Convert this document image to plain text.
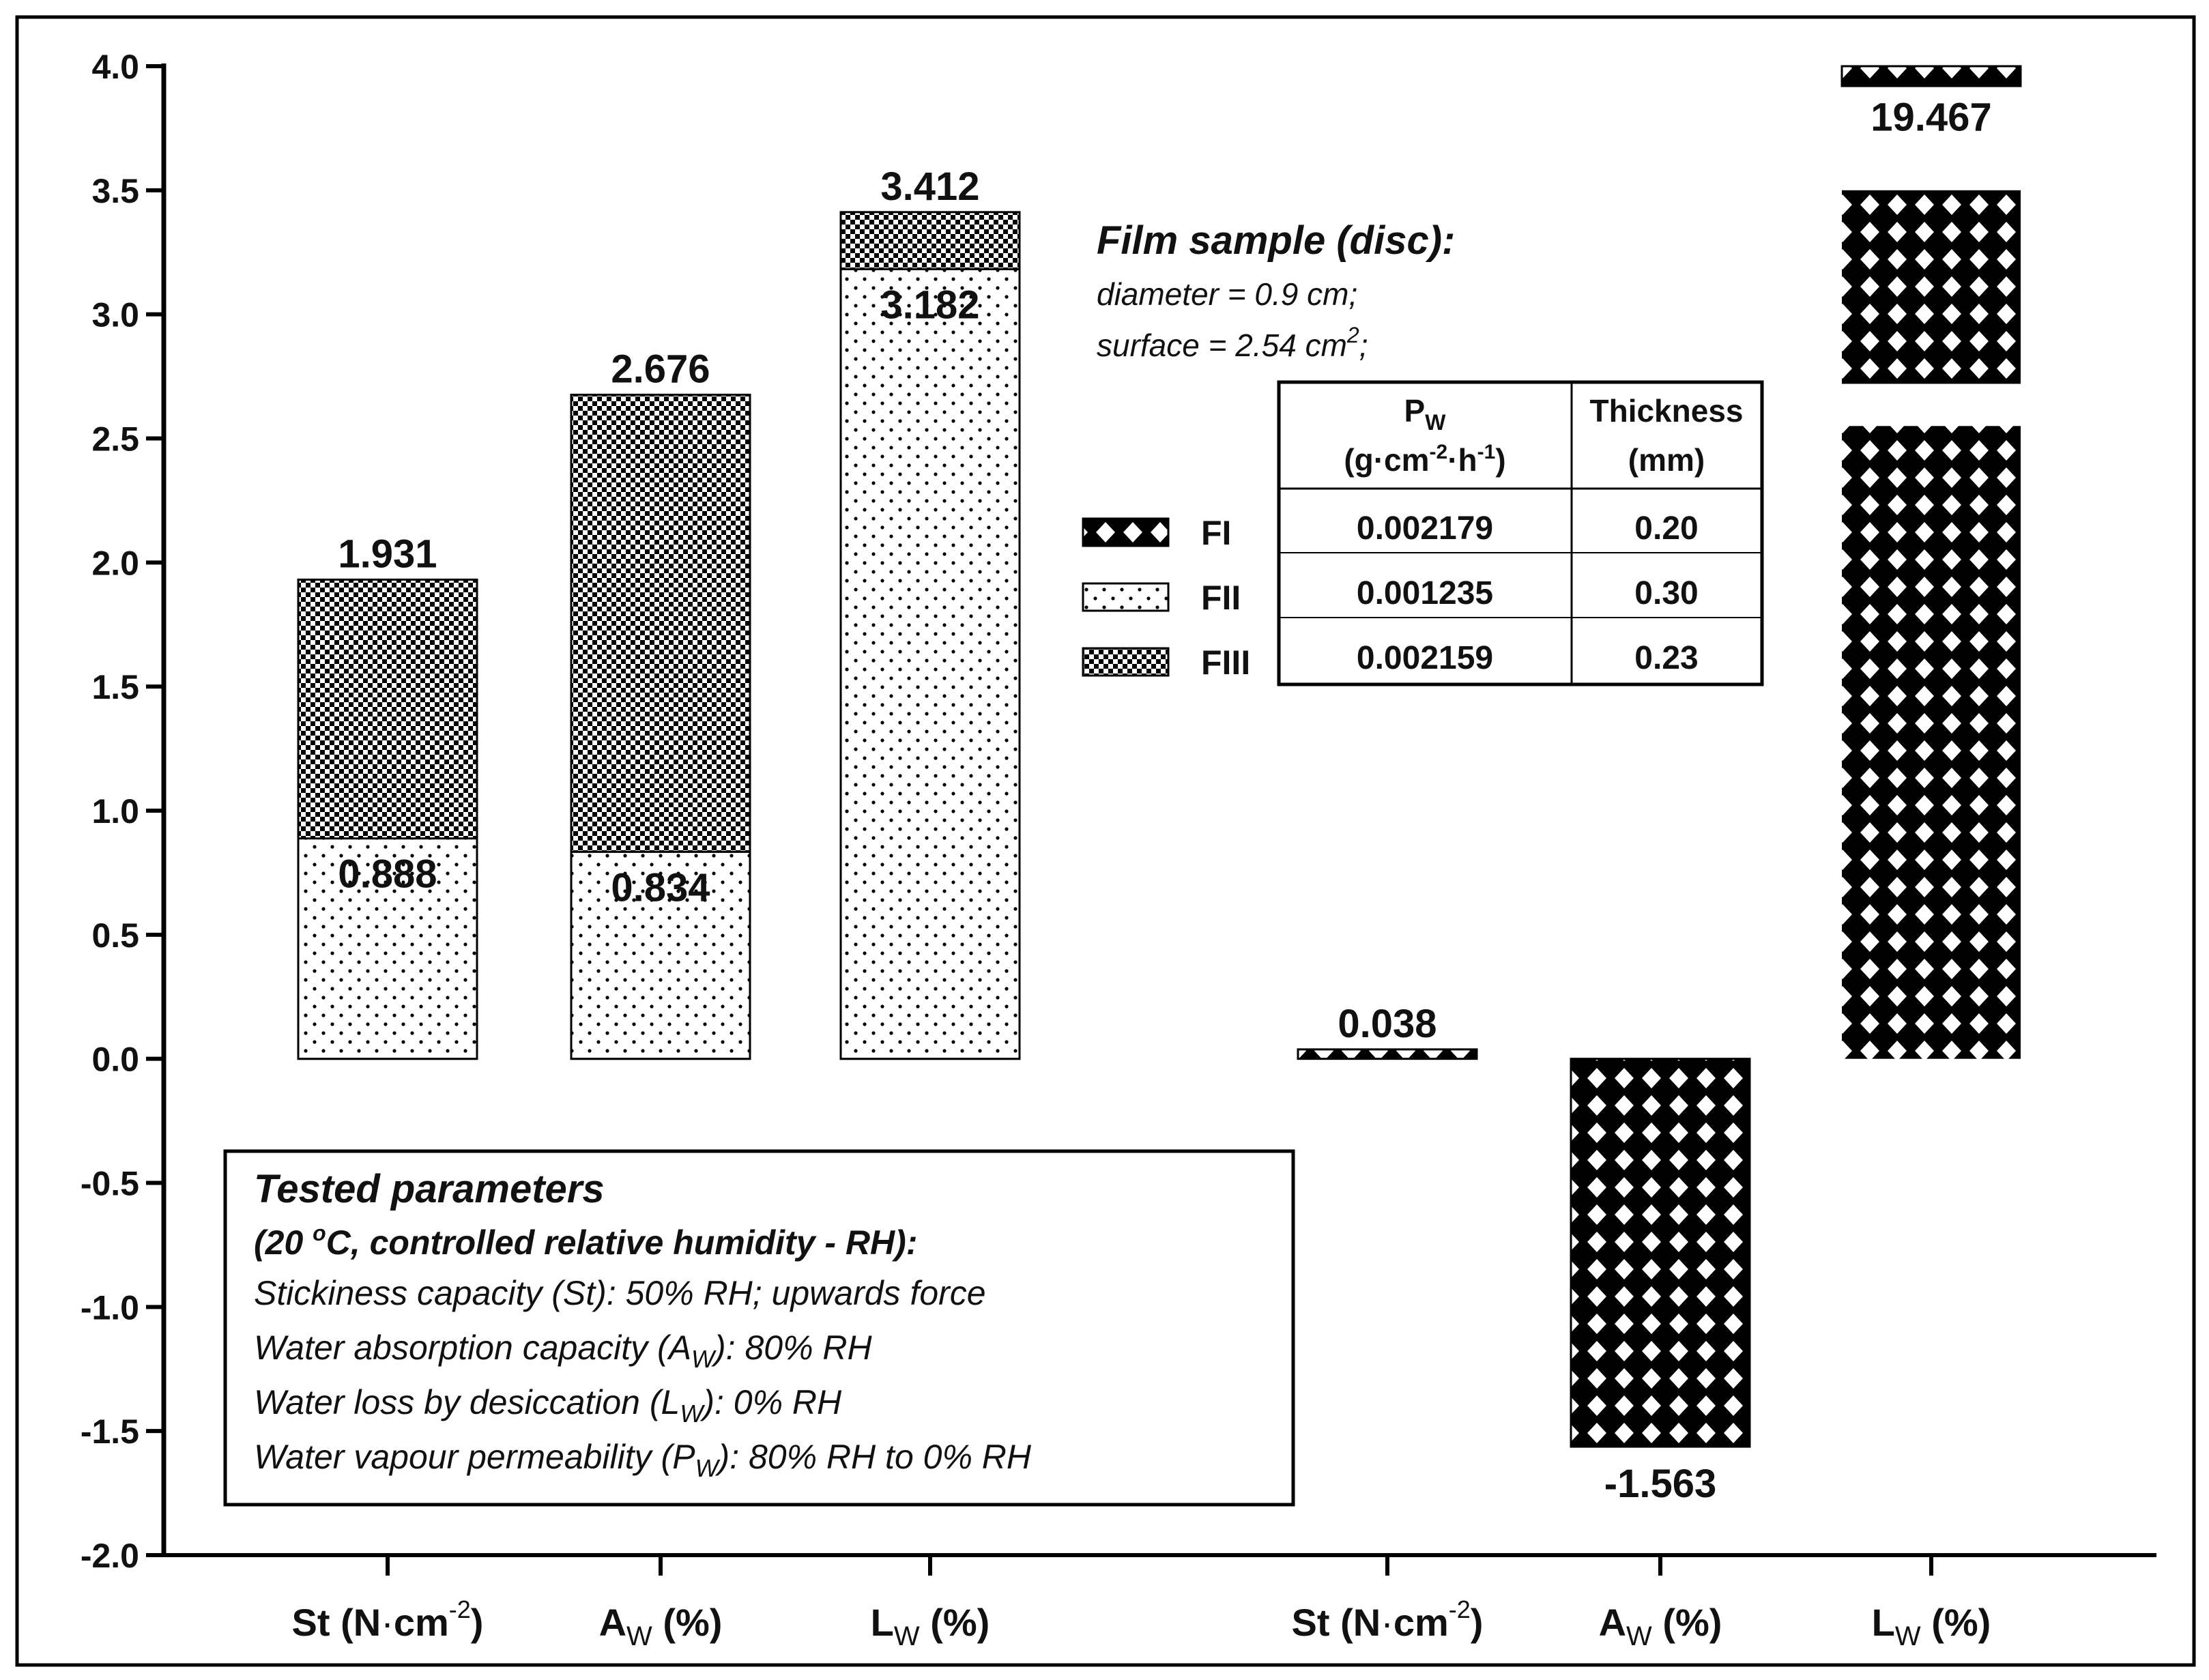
4.0
3.5
3.0
2.5
2.0
1.5
1.0
0.5
0.0
-0.5
-1.0
-1.5
-2.0
1.931
0.888
2.676
0.834
3.412
3.182
0.038
-1.563
19.467
St $(N\cdot cm^{-2})$	$A_W$ (%)	$L_W$ (%)	St $(N\cdot cm^{-2})$	$A_W$ (%)	$L_W$ (%)
Film sample (disc):
diameter = 0.9 cm;
surface = 2.54 $cm^2$;
FI
FII
FIII
$P_W$
$(g\cdot cm^{-2}\cdot h^{-1})$
Thickness
(mm)
0.002179	0.20
0.001235	0.30
0.002159	0.23
Tested parameters
(20 $^o$C, controlled relative humidity - RH):
Stickiness capacity (St): 50% RH; upwards force
Water absorption capacity $(A_W)$: 80% RH
Water loss by desiccation $(L_W)$: 0% RH
Water vapour permeability $(P_W)$: 80% RH to 0% RH
